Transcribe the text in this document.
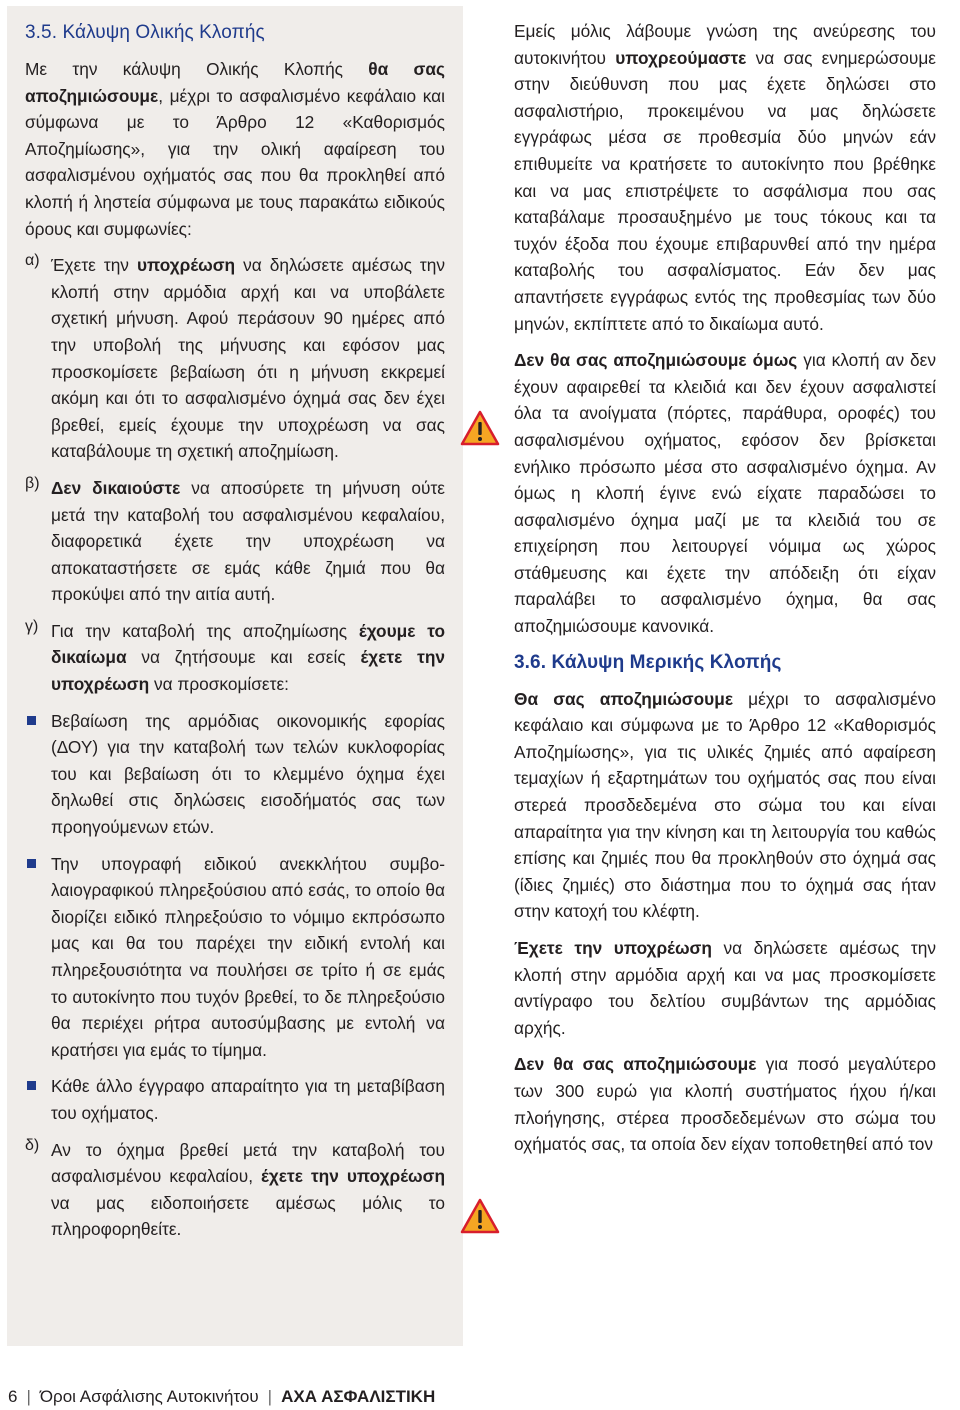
3.5. Κάλυψη Ολικής Κλοπής

Με την κάλυψη Ολικής Κλοπής θα σας αποζημιώσουμε, μέχρι το ασφαλισμένο κεφάλαιο και σύμφωνα με το Άρθρο 12 «Καθορισμός Αποζημίωσης», για την ολική αφαίρεση του ασφαλισμένου οχήματός σας που θα προκληθεί από κλοπή ή ληστεία σύμφωνα με τους παρακάτω ειδικούς όρους και συμφωνίες:

α) Έχετε την υποχρέωση να δηλώσετε αμέσως την κλοπή στην αρμόδια αρχή και να υποβάλετε σχετική μήνυση. Αφού περάσουν 90 ημέρες από την υποβολή της μήνυσης και εφόσον μας προσκομίσετε βεβαίωση ότι η μήνυση εκκρεμεί ακόμη και ότι το ασφαλισμένο όχημά σας δεν έχει βρεθεί, εμείς έχουμε την υποχρέωση να σας καταβάλουμε τη σχετική αποζημίωση.

β) Δεν δικαιούστε να αποσύρετε τη μήνυση ούτε μετά την καταβολή του ασφαλισμένου κεφαλαίου, διαφορετικά έχετε την υποχρέωση να αποκαταστήσετε σε εμάς κάθε ζημιά που θα προκύψει από την αιτία αυτή.

γ) Για την καταβολή της αποζημίωσης έχουμε το δικαίωμα να ζητήσουμε και εσείς έχετε την υποχρέωση να προσκομίσετε:

Βεβαίωση της αρμόδιας οικονομικής εφορίας (ΔΟΥ) για την καταβολή των τελών κυκλοφορίας του και βεβαίωση ότι το κλεμμένο όχημα έχει δηλωθεί στις δηλώσεις εισοδήματός σας των προηγούμενων ετών.

Την υπογραφή ειδικού ανεκκλήτου συμβολαιογραφικού πληρεξούσιου από εσάς, το οποίο θα διορίζει ειδικό πληρεξούσιο το νόμιμο εκπρόσωπο μας και θα του παρέχει την ειδική εντολή και πληρεξουσιότητα να πουλήσει σε τρίτο ή σε εμάς το αυτοκίνητο που τυχόν βρεθεί, το δε πληρεξούσιο θα περιέχει ρήτρα αυτοσύμβασης με εντολή να κρατήσει για εμάς το τίμημα.

Κάθε άλλο έγγραφο απαραίτητο για τη μεταβίβαση του οχήματος.

δ) Αν το όχημα βρεθεί μετά την καταβολή του ασφαλισμένου κεφαλαίου, έχετε την υποχρέωση να μας ειδοποιήσετε αμέσως μόλις το πληροφορηθείτε.

Εμείς μόλις λάβουμε γνώση της ανεύρεσης του αυτοκινήτου υποχρεούμαστε να σας ενημερώσουμε στην διεύθυνση που μας έχετε δηλώσει στο ασφαλιστήριο, προκειμένου να μας δηλώσετε εγγράφως μέσα σε προθεσμία δύο μηνών εάν επιθυμείτε να κρατήσετε το αυτοκίνητο που βρέθηκε και να μας επιστρέψετε το ασφάλισμα που σας καταβάλαμε προσαυξημένο με τους τόκους και τα τυχόν έξοδα που έχουμε επιβαρυνθεί από την ημέρα καταβολής του ασφαλίσματος. Εάν δεν μας απαντήσετε εγγράφως εντός της προθεσμίας των δύο μηνών, εκπίπτετε από το δικαίωμα αυτό.

Δεν θα σας αποζημιώσουμε όμως για κλοπή αν δεν έχουν αφαιρεθεί τα κλειδιά και δεν έχουν ασφαλιστεί όλα τα ανοίγματα (πόρτες, παράθυρα, οροφές) του ασφαλισμένου οχήματος, εφόσον δεν βρίσκεται ενήλικο πρόσωπο μέσα στο ασφαλισμένο όχημα. Αν όμως η κλοπή έγινε ενώ είχατε παραδώσει το ασφαλισμένο όχημα μαζί με τα κλειδιά του σε επιχείρηση που λειτουργεί νόμιμα ως χώρος στάθμευσης και έχετε την απόδειξη ότι είχαν παραλάβει το ασφαλισμένο όχημα, θα σας αποζημιώσουμε κανονικά.

3.6. Κάλυψη Μερικής Κλοπής

Θα σας αποζημιώσουμε μέχρι το ασφαλισμένο κεφάλαιο και σύμφωνα με το Άρθρο 12 «Καθορισμός Αποζημίωσης», για τις υλικές ζημιές από αφαίρεση τεμαχίων ή εξαρτημάτων του οχήματός σας που είναι στερεά προσδεδεμένα στο σώμα του και είναι απαραίτητα για την κίνηση και τη λειτουργία του καθώς επίσης και ζημιές που θα προκληθούν στο όχημά σας (ίδιες ζημιές) στο διάστημα που το όχημά σας ήταν στην κατοχή του κλέφτη.

Έχετε την υποχρέωση να δηλώσετε αμέσως την κλοπή στην αρμόδια αρχή και να μας προσκομίσετε αντίγραφο του δελτίου συμβάντων της αρμόδιας αρχής.

Δεν θα σας αποζημιώσουμε για ποσό μεγαλύτερο των 300 ευρώ για κλοπή συστήματος ήχου ή/και πλοήγησης, στέρεα προσδεδεμένων στο σώμα του οχήματός σας, τα οποία δεν είχαν τοποθετηθεί από τον

6 | Όροι Ασφάλισης Αυτοκινήτου | ΑΧΑ ΑΣΦΑΛΙΣΤΙΚΗ
